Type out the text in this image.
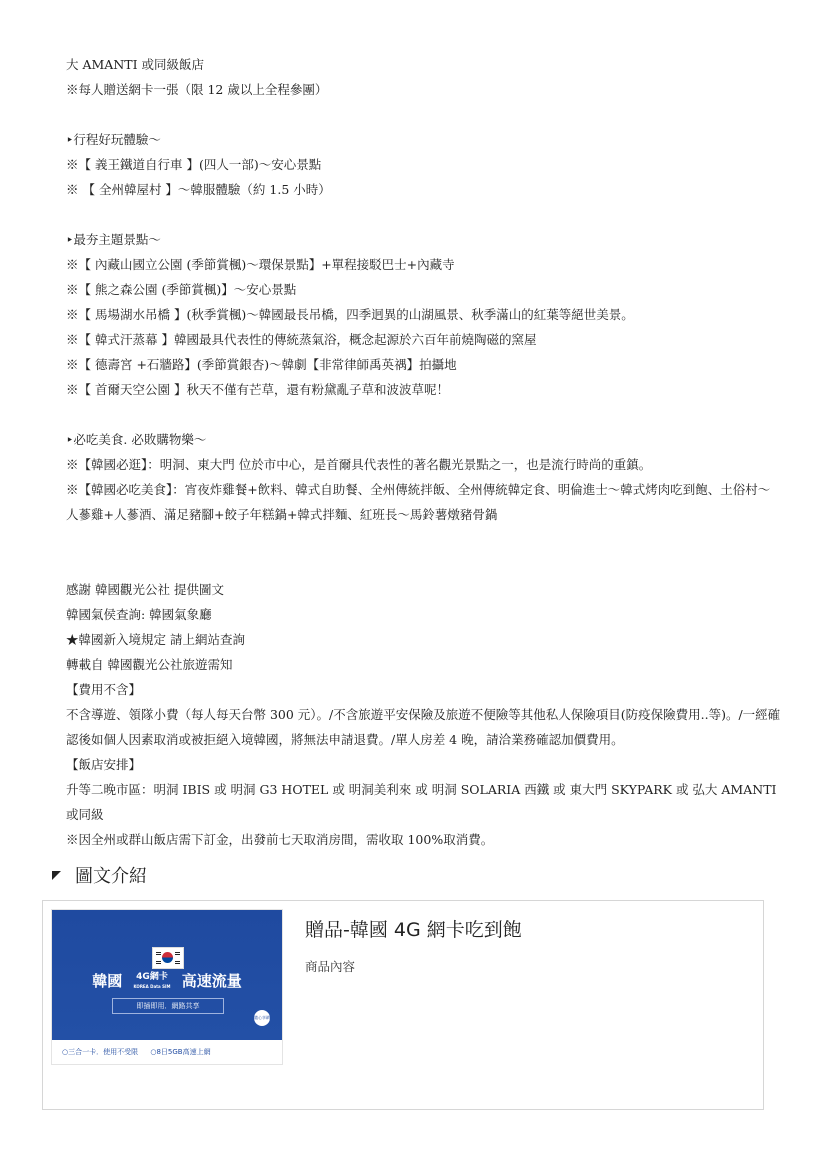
大 AMANTI 或同級飯店
※每人贈送網卡一張（限 12 歲以上全程參團）
‣行程好玩體驗～
※【 義王鐵道自行車 】(四人一部)～安心景點
※ 【 全州韓屋村 】～韓服體驗（約 1.5 小時）
‣最夯主題景點～
※【 內藏山國立公園 (季節賞楓)～環保景點】+單程接駁巴士+內藏寺
※【 熊之森公園 (季節賞楓)】～安心景點
※【 馬場湖水吊橋 】(秋季賞楓)～韓國最長吊橋，四季迥異的山湖風景、秋季滿山的紅葉等絕世美景。
※【 韓式汗蒸幕 】韓國最具代表性的傳統蒸氣浴，概念起源於六百年前燒陶磁的窯屋
※【 德壽宮 +石牆路】(季節賞銀杏)～韓劇【非常律師禹英禑】拍攝地
※【 首爾天空公園 】秋天不僅有芒草，還有粉黛亂子草和波波草呢！
‣必吃美食. 必敗購物樂～
※【韓國必逛】：明洞、東大門 位於市中心，是首爾具代表性的著名觀光景點之一，也是流行時尚的重鎮。
※【韓國必吃美食】：宵夜炸雞餐+飲料、韓式自助餐、全州傳統拌飯、全州傳統韓定食、明倫進士～韓式烤肉吃到飽、土俗村～人蔘雞+人蔘酒、滿足豬腳+餃子年糕鍋+韓式拌麵、紅班長～馬鈴薯燉豬骨鍋
感謝 韓國觀光公社 提供圖文
韓國氣侯查詢: 韓國氣象廳
★韓國新入境規定 請上網站查詢
轉載自 韓國觀光公社旅遊需知
【費用不含】
不含導遊、領隊小費（每人每天台幣 300 元）。/不含旅遊平安保險及旅遊不便險等其他私人保險項目(防疫保險費用..等)。/一經確認後如個人因素取消或被拒絕入境韓國，將無法申請退費。/單人房差 4 晚，請洽業務確認加價費用。
【飯店安排】
升等二晚市區：明洞 IBIS 或 明洞 G3 HOTEL 或 明洞美利來 或 明洞 SOLARIA 西鐵 或 東大門 SKYPARK 或 弘大 AMANTI 或同級
※因全州或群山飯店需下訂金，出發前七天取消房間，需收取 100%取消費。
圖文介紹
韓國 4G網卡
KOREA Data SIM 高速流量
即插即用．網路共享
隨心享網
○三合一卡．使用不受限 ○8日5GB高速上網
贈品-韓國 4G 網卡吃到飽
商品內容
